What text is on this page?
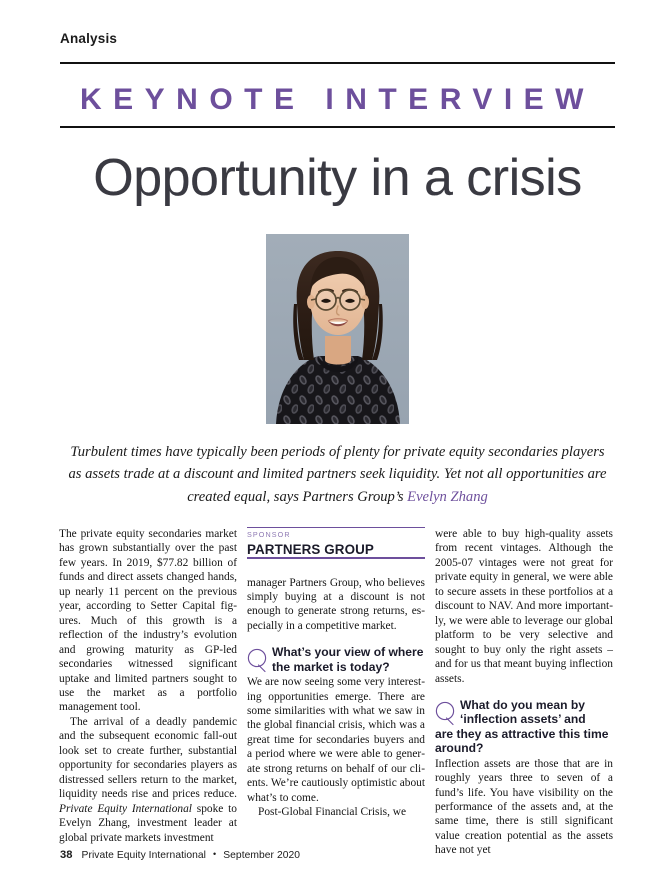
Analysis
KEYNOTE INTERVIEW
Opportunity in a crisis
Turbulent times have typically been periods of plenty for private equity secondaries players as assets trade at a discount and limited partners seek liquidity. Yet not all opportunities are created equal, says Partners Group’s Evelyn Zhang

The private equity secondaries market has grown substantially over the past few years. In 2019, $77.82 billion of funds and direct assets changed hands, up nearly 11 percent on the previous year, according to Setter Capital figures. Much of this growth is a reflection of the industry’s evolution and growing maturity as GP-led secondaries witnessed significant uptake and limited partners sought to use the market as a portfolio management tool.

The arrival of a deadly pandemic and the subsequent economic fall-out look set to create further, substantial opportunity for secondaries players as distressed sellers return to the market, liquidity needs rise and prices reduce. Private Equity International spoke to Evelyn Zhang, investment leader at global private markets investment

SPONSOR

PARTNERS GROUP

manager Partners Group, who believes simply buying at a discount is not enough to generate strong returns, especially in a competitive market.

What’s your view of where the market is today?

We are now seeing some very interesting opportunities emerge. There are some similarities with what we saw in the global financial crisis, which was a great time for secondaries buyers and a period where we were able to generate strong returns on behalf of our clients. We’re cautiously optimistic about what’s to come.

Post-Global Financial Crisis, we

were able to buy high-quality assets from recent vintages. Although the 2005-07 vintages were not great for private equity in general, we were able to secure assets in these portfolios at a discount to NAV. And more importantly, we were able to leverage our global platform to be very selective and sought to buy only the right assets – and for us that meant buying inflection assets.

What do you mean by
‘inflection assets’ and
are they as attractive this time around?

Inflection assets are those that are in roughly years three to seven of a fund’s life. You have visibility on the performance of the assets and, at the same time, there is still significant value creation potential as the assets have not yet

38 Private Equity International • September 2020
